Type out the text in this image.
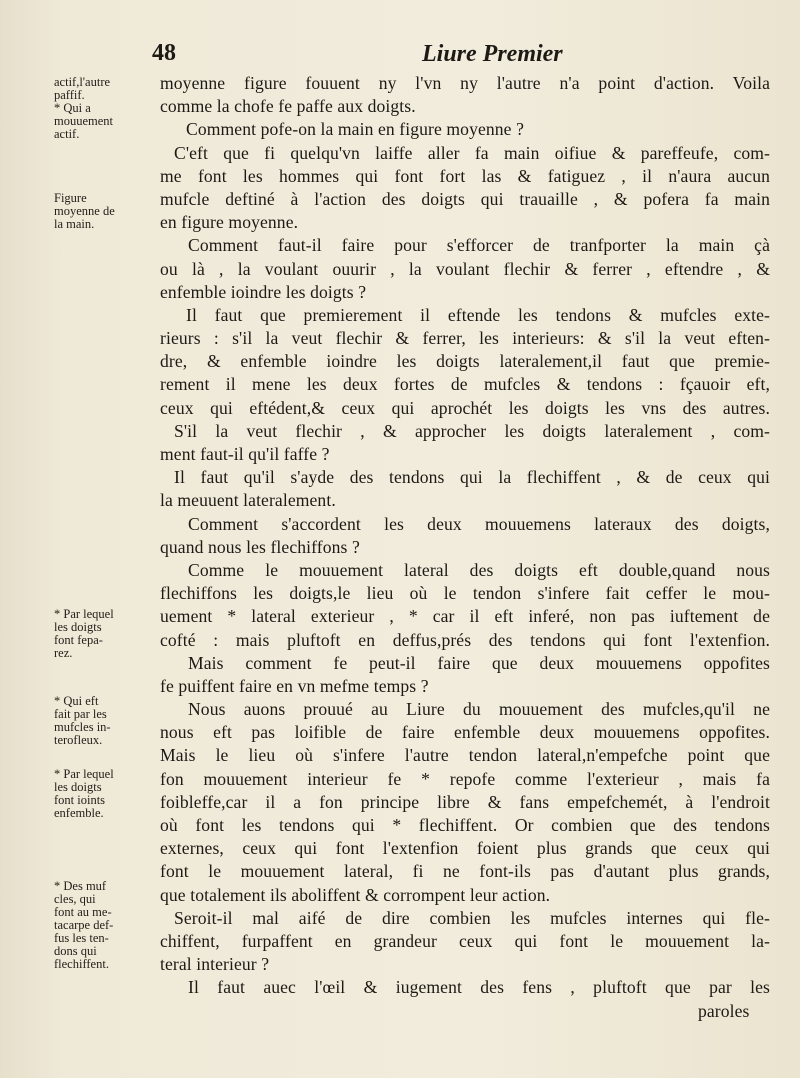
48	Liure Premier
actif,l'autre
paffif.
* Qui a
mouuement
actif.
Figure
moyenne de
la main.
* Par lequel
les doigts
font fepa-
rez.
* Qui eft
fait par les
mufcles in-
terofleux.
* Par lequel
les doigts
font ioints
enfemble.
* Des muf
cles, qui
font au me-
tacarpe def-
fus les ten-
dons qui
flechiffent.
moyenne figure fouuent ny l'vn ny l'autre n'a point d'action. Voila
comme la chofe fe paffe aux doigts.
Comment pofe-on la main en figure moyenne ?
C'eft que fi quelqu'vn laiffe aller fa main oifiue & pareffeufe, com-
me font les hommes qui font fort las & fatiguez , il n'aura aucun
mufcle deftiné à l'action des doigts qui trauaille , & pofera fa main
en figure moyenne.
Comment faut-il faire pour s'efforcer de tranfporter la main çà
ou là , la voulant ouurir , la voulant flechir & ferrer , eftendre , &
enfemble ioindre les doigts ?
Il faut que premierement il eftende les tendons & mufcles exte-
rieurs : s'il la veut flechir & ferrer, les interieurs: & s'il la veut eften-
dre, & enfemble ioindre les doigts lateralement,il faut que premie-
rement il mene les deux fortes de mufcles & tendons : fçauoir eft,
ceux qui eftédent,& ceux qui aprochét les doigts les vns des autres.
S'il la veut flechir , & approcher les doigts lateralement , com-
ment faut-il qu'il faffe ?
Il faut qu'il s'ayde des tendons qui la flechiffent , & de ceux qui
la meuuent lateralement.
Comment s'accordent les deux mouuemens lateraux des doigts,
quand nous les flechiffons ?
Comme le mouuement lateral des doigts eft double,quand nous
flechiffons les doigts,le lieu où le tendon s'infere fait ceffer le mou-
uement * lateral exterieur , * car il eft inferé, non pas iuftement de
cofté : mais pluftoft en deffus,prés des tendons qui font l'extenfion.
Mais comment fe peut-il faire que deux mouuemens oppofites
fe puiffent faire en vn mefme temps ?
Nous auons prouué au Liure du mouuement des mufcles,qu'il ne
nous eft pas loifible de faire enfemble deux mouuemens oppofites.
Mais le lieu où s'infere l'autre tendon lateral,n'empefche point que
fon mouuement interieur fe * repofe comme l'exterieur , mais fa
foibleffe,car il a fon principe libre & fans empefchemét, à l'endroit
où font les tendons qui * flechiffent. Or combien que des tendons
externes, ceux qui font l'extenfion foient plus grands que ceux qui
font le mouuement lateral, fi ne font-ils pas d'autant plus grands,
que totalement ils aboliffent & corrompent leur action.
Seroit-il mal aifé de dire combien les mufcles internes qui fle-
chiffent, furpaffent en grandeur ceux qui font le mouuement la-
teral interieur ?
Il faut auec l'œil & iugement des fens , pluftoft que par les
paroles
